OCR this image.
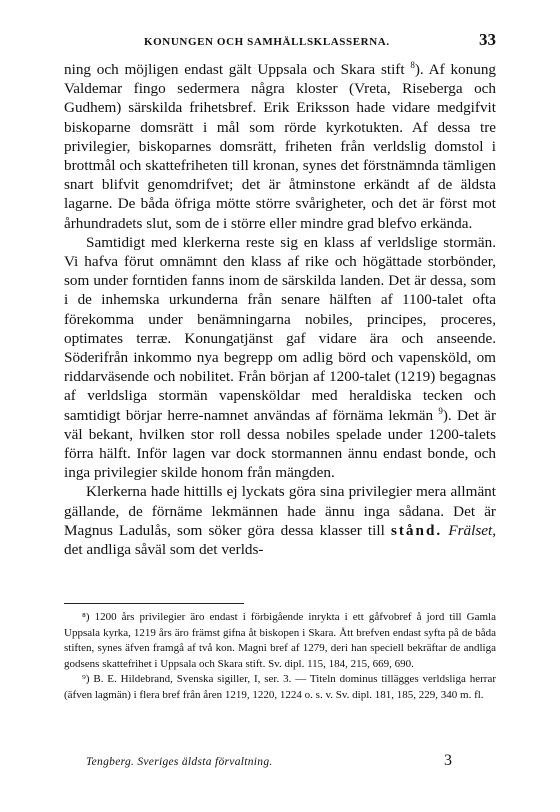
KONUNGEN OCH SAMHÄLLSKLASSERNA.	33

ning och möjligen endast gält Uppsala och Skara stift $^8$). Af konung Valdemar fingo sedermera några kloster (Vreta, Riseberga och Gudhem) särskilda frihetsbref. Erik Eriksson hade vidare medgifvit biskoparne domsrätt i mål som rörde kyrkotukten. Af dessa tre privilegier, biskoparnes domsrätt, friheten från verldslig domstol i brottmål och skattefriheten till kronan, synes det förstnämnda tämligen snart blifvit genomdrifvet; det är åtminstone erkändt af de äldsta lagarne. De båda öfriga mötte större svårigheter, och det är först mot århundradets slut, som de i större eller mindre grad blefvo erkända.

Samtidigt med klerkerna reste sig en klass af verldslige stormän. Vi hafva förut omnämnt den klass af rike och högättade storbönder, som under forntiden fanns inom de särskilda landen. Det är dessa, som i de inhemska urkunderna från senare hälften af 1100-talet ofta förekomma under benämningarna nobiles, principes, proceres, optimates terræ. Konungatjänst gaf vidare ära och anseende. Söderifrån inkommo nya begrepp om adlig börd och vapensköld, om riddarväsende och nobilitet. Från början af 1200-talet (1219) begagnas af verldsliga stormän vapensköldar med heraldiska tecken och samtidigt börjar herre-namnet användas af förnäma lekmän $^9$). Det är väl bekant, hvilken stor roll dessa nobiles spelade under 1200-talets förra hälft. Inför lagen var dock stormannen ännu endast bonde, och inga privilegier skilde honom från mängden.

Klerkerna hade hittills ej lyckats göra sina privilegier mera allmänt gällande, de förnäme lekmännen hade ännu inga sådana. Det är Magnus Ladulås, som söker göra dessa klasser till stånd. Frälset, det andliga såväl som det verlds-

⁸) 1200 års privilegier äro endast i förbigående inrykta i ett gåfvobref å jord till Gamla Uppsala kyrka, 1219 års äro främst gifna åt biskopen i Skara. Ått brefven endast syfta på de båda stiften, synes äfven framgå af två kon. Magni bref af 1279, deri han speciell bekräftar de andliga godsens skattefrihet i Uppsala och Skara stift. Sv. dipl. 115, 184, 215, 669, 690.

⁹) B. E. Hildebrand, Svenska sigiller, I, ser. 3. — Titeln dominus tillägges verldsliga herrar (äfven lagmän) i flera bref från åren 1219, 1220, 1224 o. s. v. Sv. dipl. 181, 185, 229, 340 m. fl.

Tengberg. Sveriges äldsta förvaltning.	3
